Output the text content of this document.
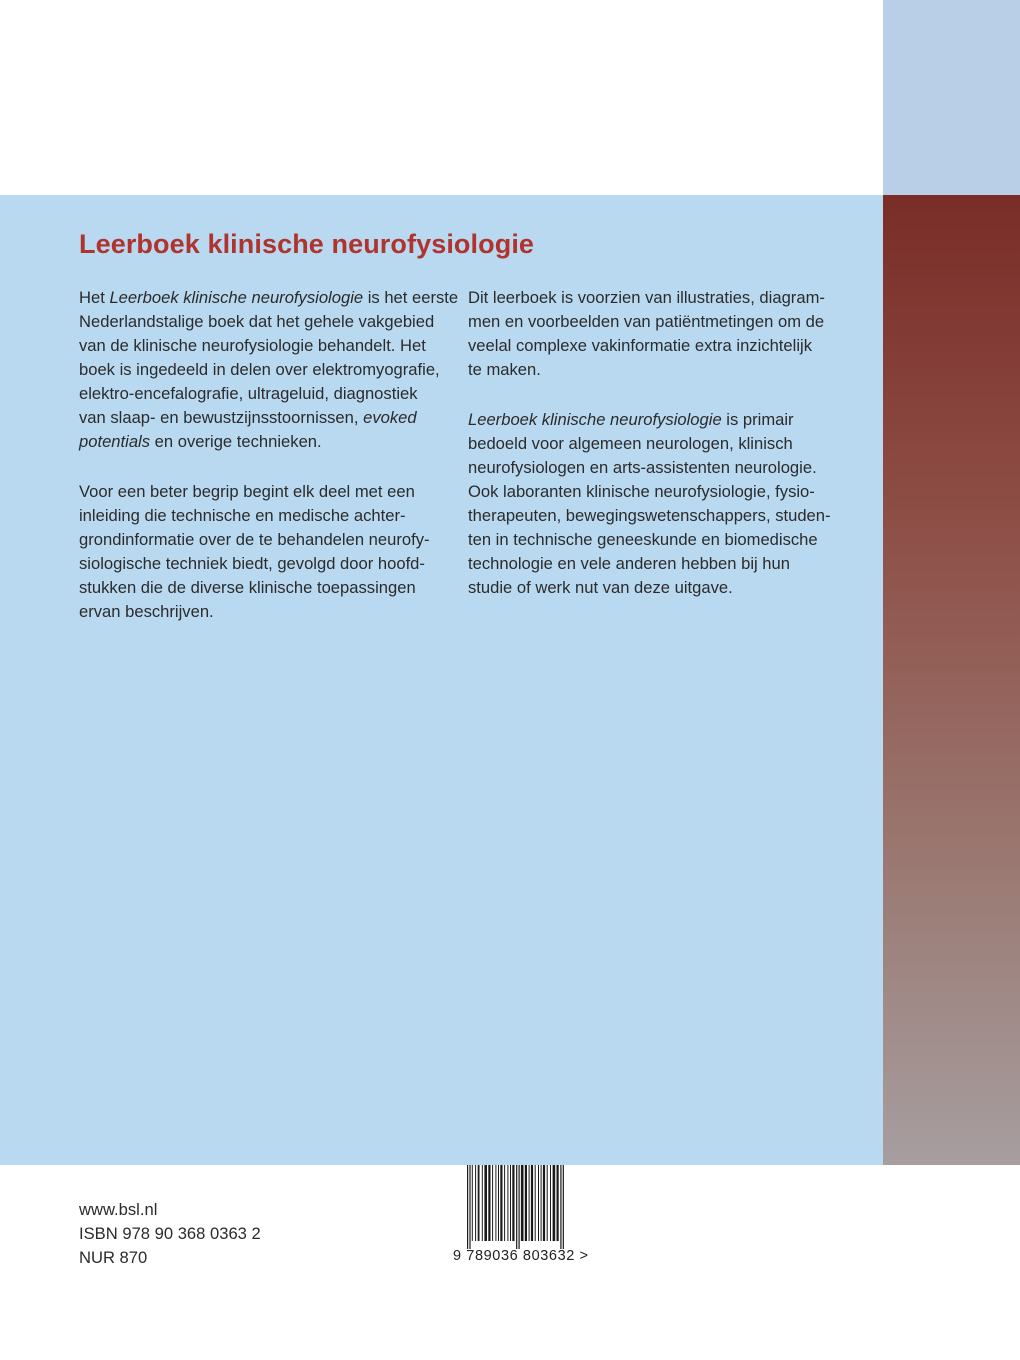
Leerboek klinische neurofysiologie

Het Leerboek klinische neurofysiologie is het eerste
Nederlandstalige boek dat het gehele vakgebied
van de klinische neurofysiologie behandelt. Het
boek is ingedeeld in delen over elektromyografie,
elektro-encefalografie, ultrageluid, diagnostiek
van slaap- en bewustzijnsstoornissen, evoked
potentials en overige technieken.

Voor een beter begrip begint elk deel met een
inleiding die technische en medische achter-
grondinformatie over de te behandelen neurofy-
siologische techniek biedt, gevolgd door hoofd-
stukken die de diverse klinische toepassingen
ervan beschrijven.

Dit leerboek is voorzien van illustraties, diagram-
men en voorbeelden van patiëntmetingen om de
veelal complexe vakinformatie extra inzichtelijk
te maken.

Leerboek klinische neurofysiologie is primair
bedoeld voor algemeen neurologen, klinisch
neurofysiologen en arts-assistenten neurologie.
Ook laboranten klinische neurofysiologie, fysio-
therapeuten, bewegingswetenschappers, studen-
ten in technische geneeskunde en biomedische
technologie en vele anderen hebben bij hun
studie of werk nut van deze uitgave.

www.bsl.nl
ISBN 978 90 368 0363 2
NUR 870	9 789036 803632 >
